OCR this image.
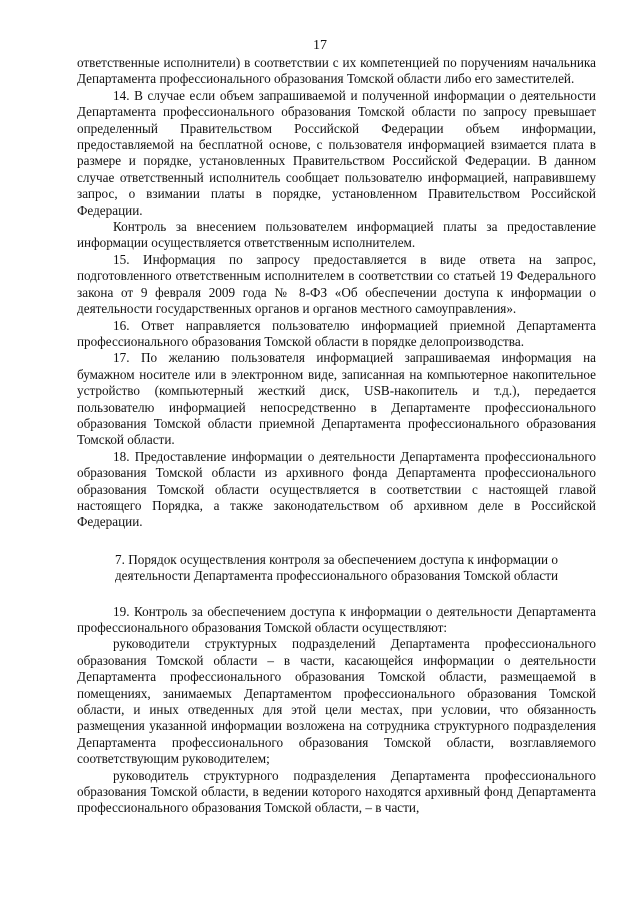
17

ответственные исполнители) в соответствии с их компетенцией по поручениям начальника Департамента профессионального образования Томской области либо его заместителей.

14. В случае если объем запрашиваемой и полученной информации о деятельности Департамента профессионального образования Томской области по запросу превышает определенный Правительством Российской Федерации объем информации, предоставляемой на бесплатной основе, с пользователя информацией взимается плата в размере и порядке, установленных Правительством Российской Федерации. В данном случае ответственный исполнитель сообщает пользователю информацией, направившему запрос, о взимании платы в порядке, установленном Правительством Российской Федерации.

Контроль за внесением пользователем информацией платы за предоставление информации осуществляется ответственным исполнителем.

15. Информация по запросу предоставляется в виде ответа на запрос, подготовленного ответственным исполнителем в соответствии со статьей 19 Федерального закона от 9 февраля 2009 года № 8-ФЗ «Об обеспечении доступа к информации о деятельности государственных органов и органов местного самоуправления».

16. Ответ направляется пользователю информацией приемной Департамента профессионального образования Томской области в порядке делопроизводства.

17. По желанию пользователя информацией запрашиваемая информация на бумажном носителе или в электронном виде, записанная на компьютерное накопительное устройство (компьютерный жесткий диск, USB-накопитель и т.д.), передается пользователю информацией непосредственно в Департаменте профессионального образования Томской области приемной Департамента профессионального образования Томской области.

18. Предоставление информации о деятельности Департамента профессионального образования Томской области из архивного фонда Департамента профессионального образования Томской области осуществляется в соответствии с настоящей главой настоящего Порядка, а также законодательством об архивном деле в Российской Федерации.

7. Порядок осуществления контроля за обеспечением доступа к информации о деятельности Департамента профессионального образования Томской области

19. Контроль за обеспечением доступа к информации о деятельности Департамента профессионального образования Томской области осуществляют:

руководители структурных подразделений Департамента профессионального образования Томской области – в части, касающейся информации о деятельности Департамента профессионального образования Томской области, размещаемой в помещениях, занимаемых Департаментом профессионального образования Томской области, и иных отведенных для этой цели местах, при условии, что обязанность размещения указанной информации возложена на сотрудника структурного подразделения Департамента профессионального образования Томской области, возглавляемого соответствующим руководителем;

руководитель структурного подразделения Департамента профессионального образования Томской области, в ведении которого находятся архивный фонд Департамента профессионального образования Томской области, – в части,
